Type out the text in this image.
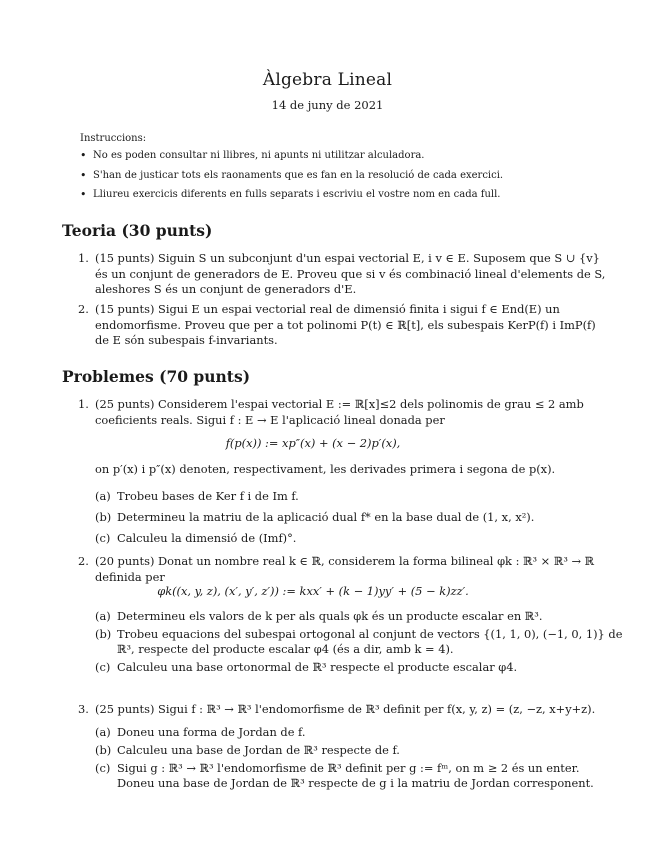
Àlgebra Lineal
14 de juny de 2021
Instruccions:
• No es poden consultar ni llibres, ni apunts ni utilitzar alculadora.
• S'han de justicar tots els raonaments que es fan en la resolució de cada exercici.
• Lliureu exercicis diferents en fulls separats i escriviu el vostre nom en cada full.
Teoria (30 punts)
1. (15 punts) Siguin S un subconjunt d'un espai vectorial E, i v ∈ E. Suposem que S ∪ {v}
és un conjunt de generadors de E. Proveu que si v és combinació lineal d'elements de S,
aleshores S és un conjunt de generadors d'E.
2. (15 punts) Sigui E un espai vectorial real de dimensió finita i sigui f ∈ End(E) un
endomorfisme. Proveu que per a tot polinomi P(t) ∈ ℝ[t], els subespais KerP(f) i ImP(f)
de E són subespais f-invariants.
Problemes (70 punts)
1. (25 punts) Considerem l'espai vectorial E := ℝ[x]≤2 dels polinomis de grau ≤ 2 amb
coeficients reals. Sigui f : E → E l'aplicació lineal donada per
f(p(x)) := xp″(x) + (x − 2)p′(x),
on p′(x) i p″(x) denoten, respectivament, les derivades primera i segona de p(x).
(a) Trobeu bases de Ker f i de Im f.
(b) Determineu la matriu de la aplicació dual f* en la base dual de (1, x, x²).
(c) Calculeu la dimensió de (Imf)°.
2. (20 punts) Donat un nombre real k ∈ ℝ, considerem la forma bilineal φk : ℝ³ × ℝ³ → ℝ
definida per
φk((x, y, z), (x′, y′, z′)) := kxx′ + (k − 1)yy′ + (5 − k)zz′.
(a) Determineu els valors de k per als quals φk és un producte escalar en ℝ³.
(b) Trobeu equacions del subespai ortogonal al conjunt de vectors {(1, 1, 0), (−1, 0, 1)} de
ℝ³, respecte del producte escalar φ4 (és a dir, amb k = 4).
(c) Calculeu una base ortonormal de ℝ³ respecte el producte escalar φ4.
3. (25 punts) Sigui f : ℝ³ → ℝ³ l'endomorfisme de ℝ³ definit per f(x, y, z) = (z, −z, x+y+z).
(a) Doneu una forma de Jordan de f.
(b) Calculeu una base de Jordan de ℝ³ respecte de f.
(c) Sigui g : ℝ³ → ℝ³ l'endomorfisme de ℝ³ definit per g := fᵐ, on m ≥ 2 és un enter.
Doneu una base de Jordan de ℝ³ respecte de g i la matriu de Jordan corresponent.
